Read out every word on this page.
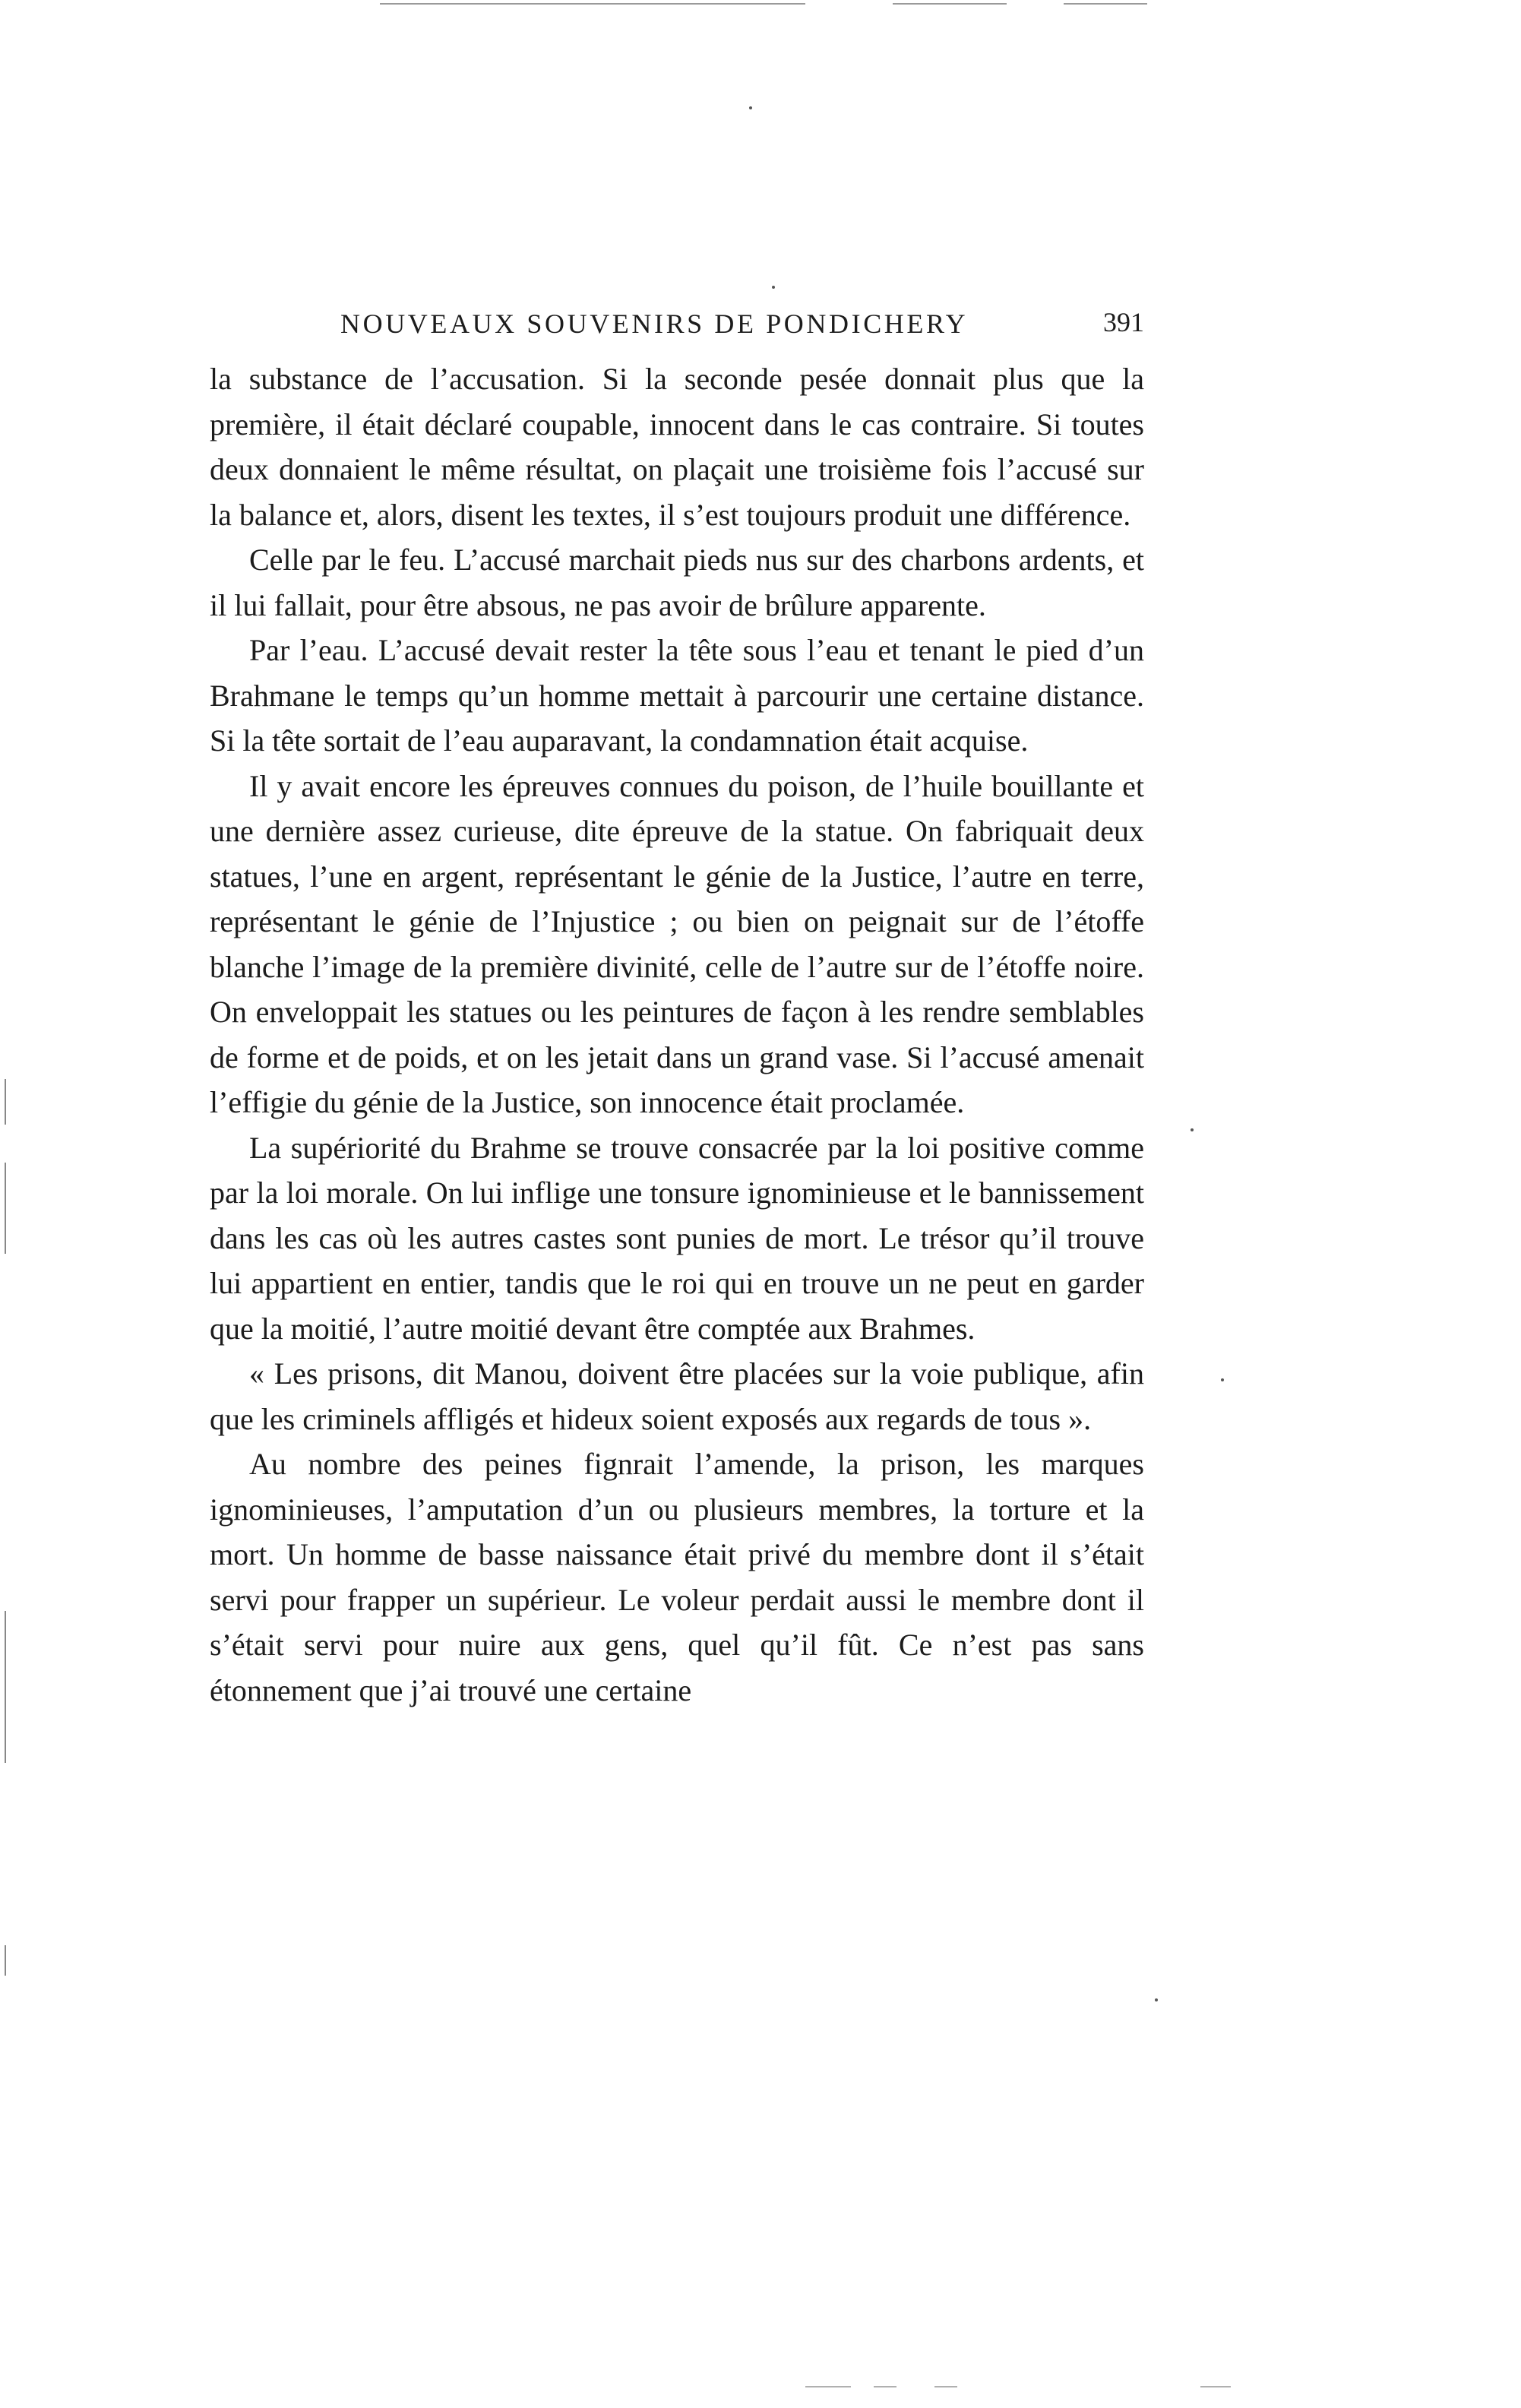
NOUVEAUX SOUVENIRS DE PONDICHERY	391

la substance de l’accusation. Si la seconde pesée donnait plus que la première, il était déclaré coupable, innocent dans le cas contraire. Si toutes deux donnaient le même résultat, on plaçait une troisième fois l’accusé sur la balance et, alors, disent les textes, il s’est toujours produit une différence.

Celle par le feu. L’accusé marchait pieds nus sur des charbons ardents, et il lui fallait, pour être absous, ne pas avoir de brûlure apparente.

Par l’eau. L’accusé devait rester la tête sous l’eau et tenant le pied d’un Brahmane le temps qu’un homme mettait à parcourir une certaine distance. Si la tête sortait de l’eau auparavant, la condamnation était acquise.

Il y avait encore les épreuves connues du poison, de l’huile bouillante et une dernière assez curieuse, dite épreuve de la statue. On fabriquait deux statues, l’une en argent, représentant le génie de la Justice, l’autre en terre, représentant le génie de l’Injustice ; ou bien on peignait sur de l’étoffe blanche l’image de la première divinité, celle de l’autre sur de l’étoffe noire. On enveloppait les statues ou les peintures de façon à les rendre semblables de forme et de poids, et on les jetait dans un grand vase. Si l’accusé amenait l’effigie du génie de la Justice, son innocence était proclamée.

La supériorité du Brahme se trouve consacrée par la loi positive comme par la loi morale. On lui inflige une tonsure ignominieuse et le bannissement dans les cas où les autres castes sont punies de mort. Le trésor qu’il trouve lui appartient en entier, tandis que le roi qui en trouve un ne peut en garder que la moitié, l’autre moitié devant être comptée aux Brahmes.

« Les prisons, dit Manou, doivent être placées sur la voie publique, afin que les criminels affligés et hideux soient exposés aux regards de tous ».

Au nombre des peines fignrait l’amende, la prison, les marques ignominieuses, l’amputation d’un ou plusieurs membres, la torture et la mort. Un homme de basse naissance était privé du membre dont il s’était servi pour frapper un supérieur. Le voleur perdait aussi le membre dont il s’était servi pour nuire aux gens, quel qu’il fût. Ce n’est pas sans étonnement que j’ai trouvé une certaine
